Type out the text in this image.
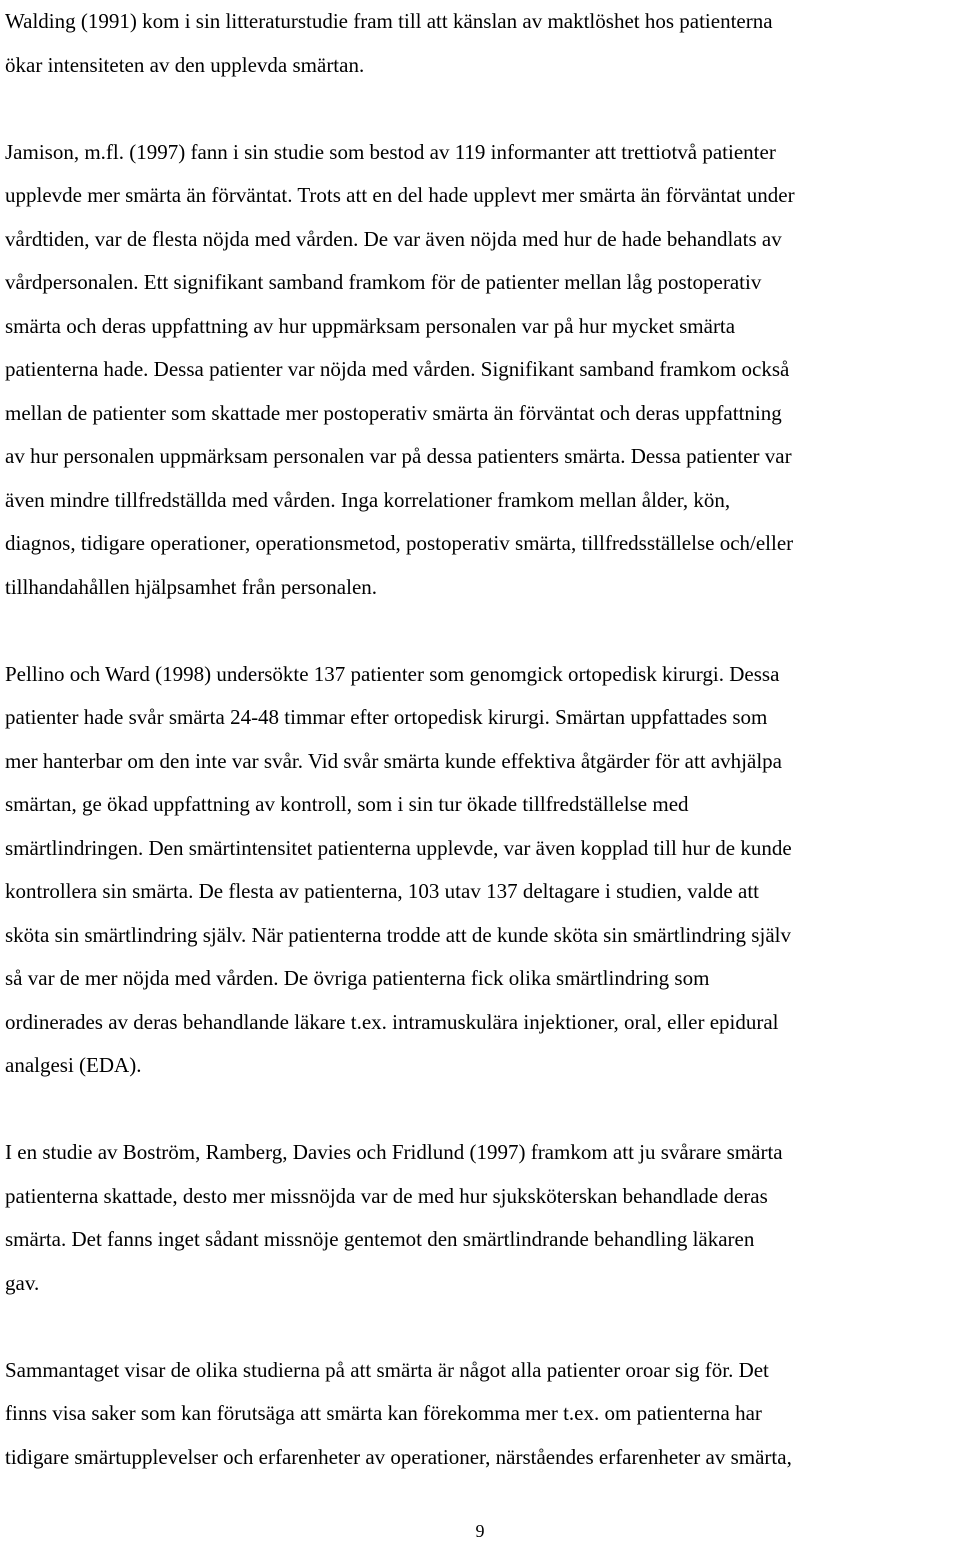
Walding (1991) kom i sin litteraturstudie fram till att känslan av maktlöshet hos patienterna
ökar intensiteten av den upplevda smärtan.
Jamison, m.fl. (1997) fann i sin studie som bestod av 119 informanter att trettiotvå patienter
upplevde mer smärta än förväntat. Trots att en del hade upplevt mer smärta än förväntat under
vårdtiden, var de flesta nöjda med vården. De var även nöjda med hur de hade behandlats av
vårdpersonalen. Ett signifikant samband framkom för de patienter mellan låg postoperativ
smärta och deras uppfattning av hur uppmärksam personalen var på hur mycket smärta
patienterna hade. Dessa patienter var nöjda med vården. Signifikant samband framkom också
mellan de patienter som skattade mer postoperativ smärta än förväntat och deras uppfattning
av hur personalen uppmärksam personalen var på dessa patienters smärta. Dessa patienter var
även mindre tillfredställda med vården. Inga korrelationer framkom mellan ålder, kön,
diagnos, tidigare operationer, operationsmetod, postoperativ smärta, tillfredsställelse och/eller
tillhandahållen hjälpsamhet från personalen.
Pellino och Ward (1998) undersökte 137 patienter som genomgick ortopedisk kirurgi. Dessa
patienter hade svår smärta 24-48 timmar efter ortopedisk kirurgi. Smärtan uppfattades som
mer hanterbar om den inte var svår. Vid svår smärta kunde effektiva åtgärder för att avhjälpa
smärtan, ge ökad uppfattning av kontroll, som i sin tur ökade tillfredställelse med
smärtlindringen. Den smärtintensitet patienterna upplevde, var även kopplad till hur de kunde
kontrollera sin smärta. De flesta av patienterna, 103 utav 137 deltagare i studien, valde att
sköta sin smärtlindring själv. När patienterna trodde att de kunde sköta sin smärtlindring själv
så var de mer nöjda med vården. De övriga patienterna fick olika smärtlindring som
ordinerades av deras behandlande läkare t.ex. intramuskulära injektioner, oral, eller epidural
analgesi (EDA).
I en studie av Boström, Ramberg, Davies och Fridlund (1997) framkom att ju svårare smärta
patienterna skattade, desto mer missnöjda var de med hur sjuksköterskan behandlade deras
smärta. Det fanns inget sådant missnöje gentemot den smärtlindrande behandling läkaren
gav.
Sammantaget visar de olika studierna på att smärta är något alla patienter oroar sig för. Det
finns visa saker som kan förutsäga att smärta kan förekomma mer t.ex. om patienterna har
tidigare smärtupplevelser och erfarenheter av operationer, närståendes erfarenheter av smärta,
9
